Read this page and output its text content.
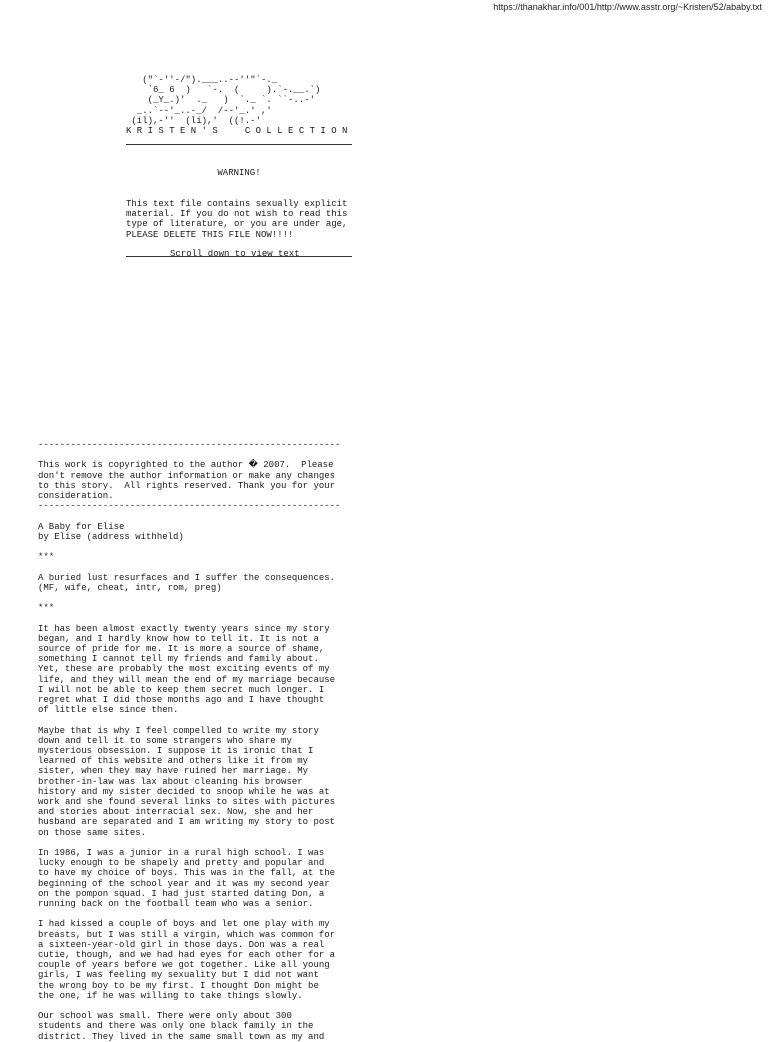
https://thanakhar.info/001/http://www.asstr.org/~Kristen/52/ababy.txt
("`-''-/").___..--''"`-._
`6_ 6  )   `-.  (     ).`-.__.`)
(_Y_.)'  ._   )  `._ `. ``-..-'
_..`--'_..-_/  /--'_.' ,'
(il),-''  (li),'  ((!.-'
K R I S T E N ' S     C O L L E C T I O N

WARNING!

This text file contains sexually explicit
material. If you do not wish to read this
type of literature, or you are under age,
PLEASE DELETE THIS FILE NOW!!!!

Scroll down to view text
--------------------------------------------------------
This work is copyrighted to the author � 2007.  Please
don't remove the author information or make any changes
to this story.  All rights reserved. Thank you for your
consideration.
--------------------------------------------------------
A Baby for Elise
by Elise (address withheld)
***
A buried lust resurfaces and I suffer the consequences.
(MF, wife, cheat, intr, rom, preg)
***
It has been almost exactly twenty years since my story
began, and I hardly know how to tell it. It is not a
source of pride for me. It is more a source of shame,
something I cannot tell my friends and family about.
Yet, these are probably the most exciting events of my
life, and they will mean the end of my marriage because
I will not be able to keep them secret much longer. I
regret what I did those months ago and I have thought
of little else since then.
Maybe that is why I feel compelled to write my story
down and tell it to some strangers who share my
mysterious obsession. I suppose it is ironic that I
learned of this website and others like it from my
sister, when they may have ruined her marriage. My
brother-in-law was lax about cleaning his browser
history and my sister decided to snoop while he was at
work and she found several links to sites with pictures
and stories about interracial sex. Now, she and her
husband are separated and I am writing my story to post
on those same sites.
In 1986, I was a junior in a rural high school. I was
lucky enough to be shapely and pretty and popular and
to have my choice of boys. This was in the fall, at the
beginning of the school year and it was my second year
on the pompon squad. I had just started dating Don, a
running back on the football team who was a senior.
I had kissed a couple of boys and let one play with my
breasts, but I was still a virgin, which was common for
a sixteen-year-old girl in those days. Don was a real
cutie, though, and we had had eyes for each other for a
couple of years before we got together. Like all young
girls, I was feeling my sexuality but I did not want
the wrong boy to be my first. I thought Don might be
the one, if he was willing to take things slowly.
Our school was small. There were only about 300
students and there was only one black family in the
district. They lived in the same small town as my and
